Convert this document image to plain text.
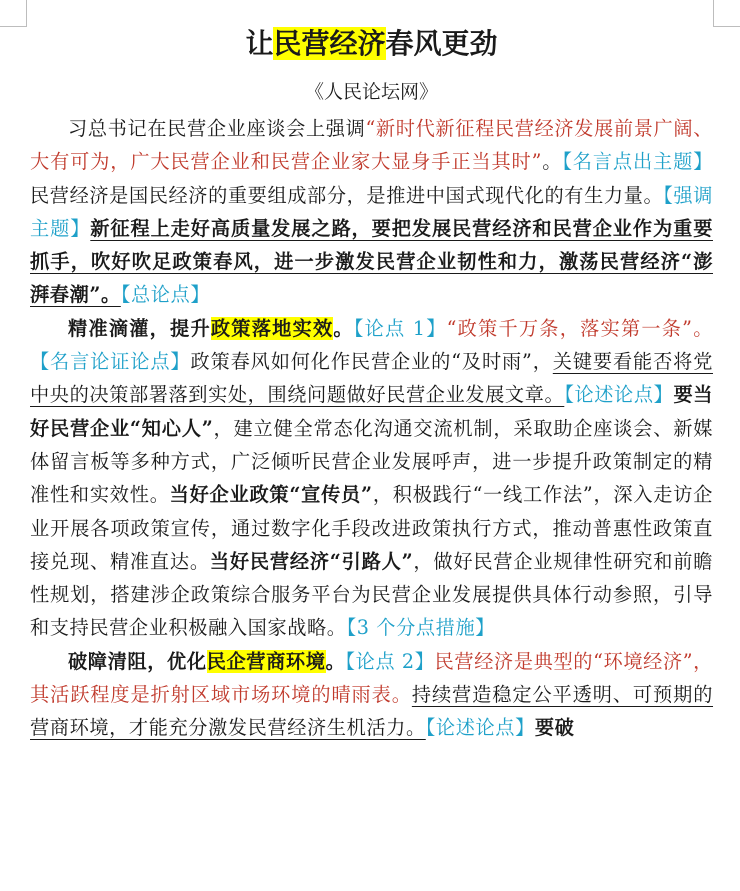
让民营经济春风更劲
《人民论坛网》

习总书记在民营企业座谈会上强调“新时代新征程民营经济发展前景广阔、大有可为，广大民营企业和民营企业家大显身手正当其时”。【名言点出主题】民营经济是国民经济的重要组成部分，是推进中国式现代化的有生力量。【强调主题】新征程上走好高质量发展之路，要把发展民营经济和民营企业作为重要抓手，吹好吹足政策春风，进一步激发民营企业韧性和力，激荡民营经济“澎湃春潮”。【总论点】

精准滴灌，提升政策落地实效。【论点 1】“政策千万条，落实第一条”。【名言论证论点】政策春风如何化作民营企业的“及时雨”，关键要看能否将党中央的决策部署落到实处，围绕问题做好民营企业发展文章。【论述论点】要当好民营企业“知心人”，建立健全常态化沟通交流机制，采取助企座谈会、新媒体留言板等多种方式，广泛倾听民营企业发展呼声，进一步提升政策制定的精准性和实效性。当好企业政策“宣传员”，积极践行“一线工作法”，深入走访企业开展各项政策宣传，通过数字化手段改进政策执行方式，推动普惠性政策直接兑现、精准直达。当好民营经济“引路人”，做好民营企业规律性研究和前瞻性规划，搭建涉企政策综合服务平台为民营企业发展提供具体行动参照，引导和支持民营企业积极融入国家战略。【3 个分点措施】

破障清阻，优化民企营商环境。【论点 2】民营经济是典型的“环境经济”，其活跃程度是折射区域市场环境的晴雨表。持续营造稳定公平透明、可预期的营商环境，才能充分激发民营经济生机活力。【论述论点】要破
